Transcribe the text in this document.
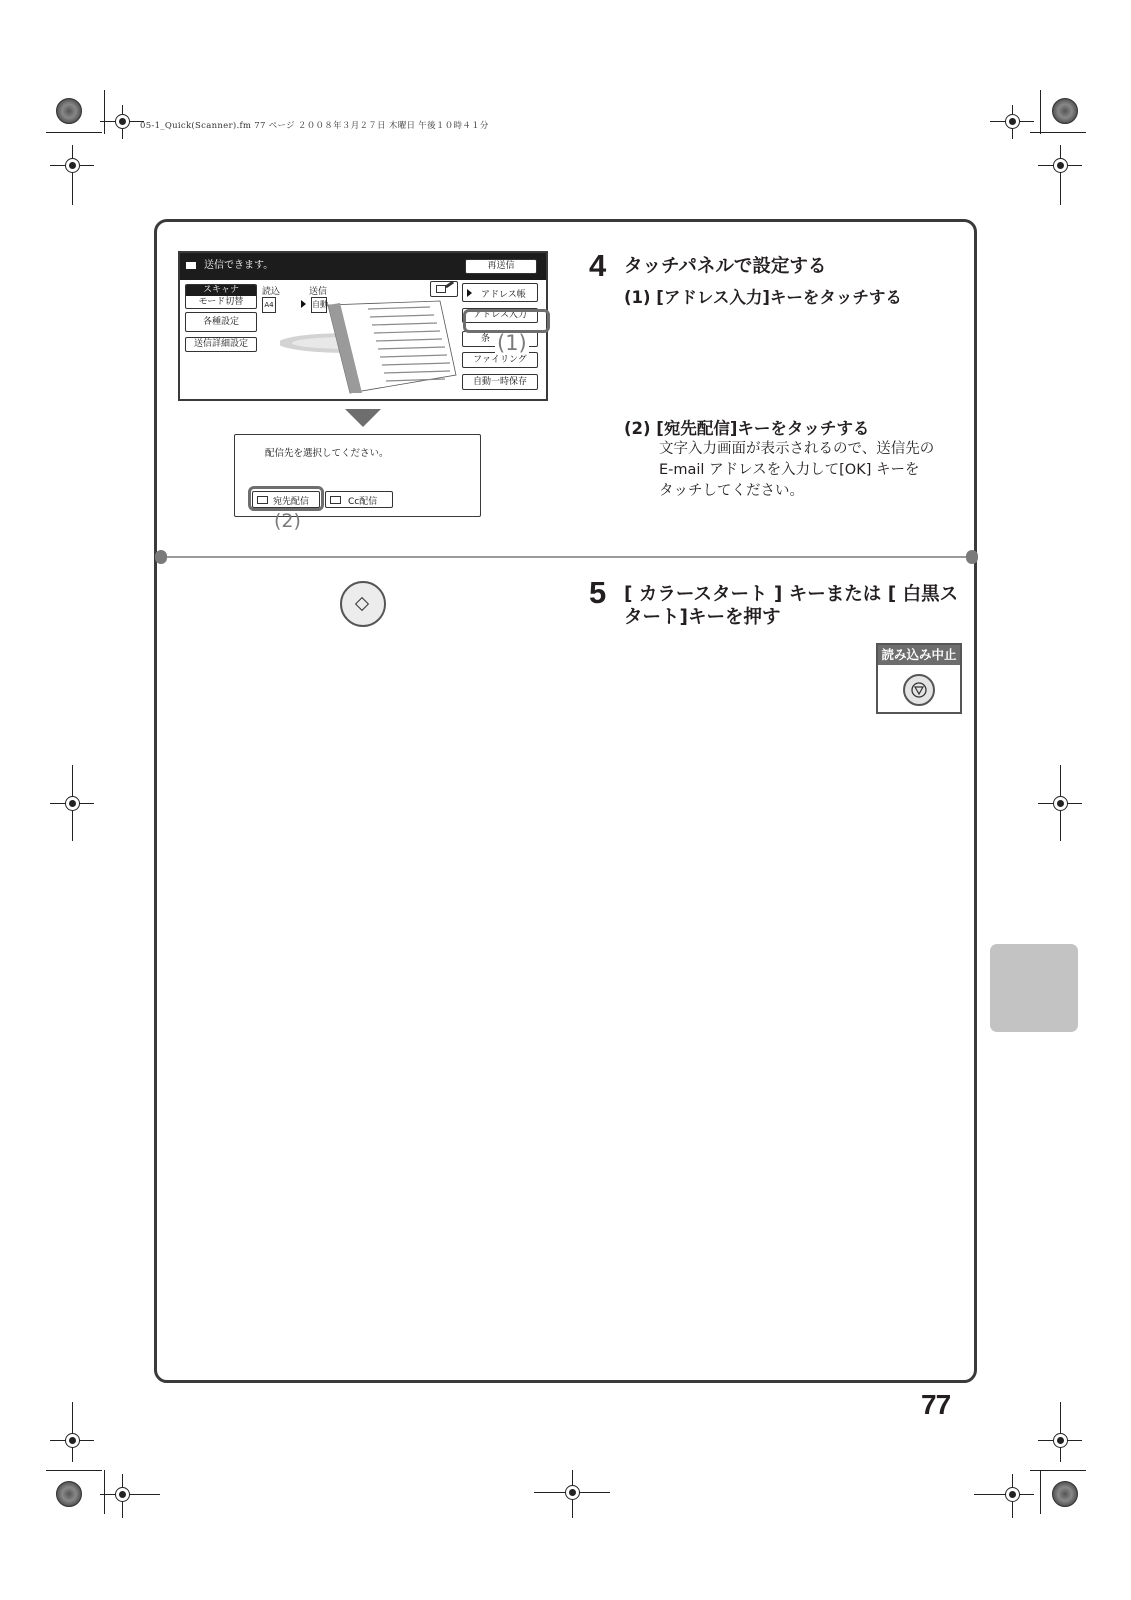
05-1_Quick(Scanner).fm 77 ページ ２００８年３月２７日 木曜日 午後１０時４１分
4 タッチパネルで設定する
(1) [アドレス入力]キーをタッチする
(2) [宛先配信]キーをタッチする
文字入力画面が表示されるので、送信先の
E-mail アドレスを入力して[OK] キーを
タッチしてください。
送信できます。	再送信
スキャナ
モード切替
各種設定
送信詳細設定
読込
A4
送信
自動
アドレス帳
アドレス入力
条
ファイリング
自動一時保存
(1)
配信先を選択してください。
宛先配信	Cc配信
(2)
5 [ カラースタート ] キーまたは [ 白黒ス
タート]キーを押す
読み込み中止
77
